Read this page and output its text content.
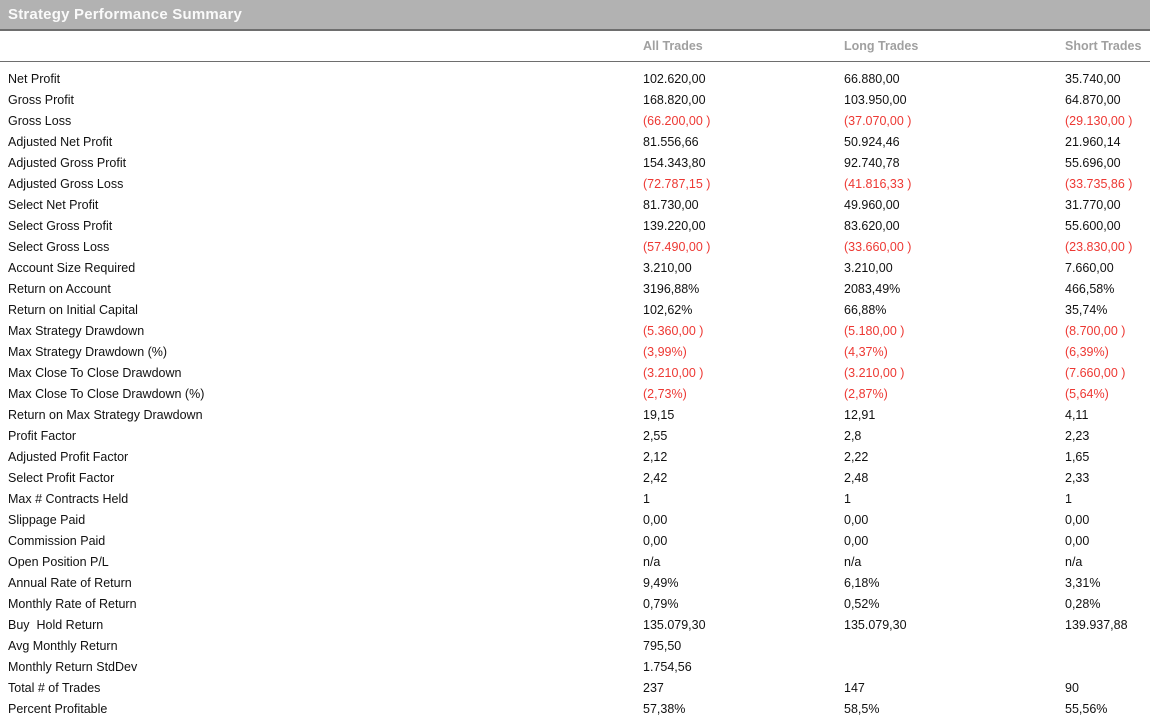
Strategy Performance Summary
All Trades	Long Trades	Short Trades
Net Profit	102.620,00	66.880,00	35.740,00
Gross Profit	168.820,00	103.950,00	64.870,00
Gross Loss	(66.200,00 )	(37.070,00 )	(29.130,00 )
Adjusted Net Profit	81.556,66	50.924,46	21.960,14
Adjusted Gross Profit	154.343,80	92.740,78	55.696,00
Adjusted Gross Loss	(72.787,15 )	(41.816,33 )	(33.735,86 )
Select Net Profit	81.730,00	49.960,00	31.770,00
Select Gross Profit	139.220,00	83.620,00	55.600,00
Select Gross Loss	(57.490,00 )	(33.660,00 )	(23.830,00 )
Account Size Required	3.210,00	3.210,00	7.660,00
Return on Account	3196,88%	2083,49%	466,58%
Return on Initial Capital	102,62%	66,88%	35,74%
Max Strategy Drawdown	(5.360,00 )	(5.180,00 )	(8.700,00 )
Max Strategy Drawdown (%)	(3,99%)	(4,37%)	(6,39%)
Max Close To Close Drawdown	(3.210,00 )	(3.210,00 )	(7.660,00 )
Max Close To Close Drawdown (%)	(2,73%)	(2,87%)	(5,64%)
Return on Max Strategy Drawdown	19,15	12,91	4,11
Profit Factor	2,55	2,8	2,23
Adjusted Profit Factor	2,12	2,22	1,65
Select Profit Factor	2,42	2,48	2,33
Max # Contracts Held	1	1	1
Slippage Paid	0,00	0,00	0,00
Commission Paid	0,00	0,00	0,00
Open Position P/L	n/a	n/a	n/a
Annual Rate of Return	9,49%	6,18%	3,31%
Monthly Rate of Return	0,79%	0,52%	0,28%
Buy  Hold Return	135.079,30	135.079,30	139.937,88
Avg Monthly Return	795,50
Monthly Return StdDev	1.754,56
Total # of Trades	237	147	90
Percent Profitable	57,38%	58,5%	55,56%
